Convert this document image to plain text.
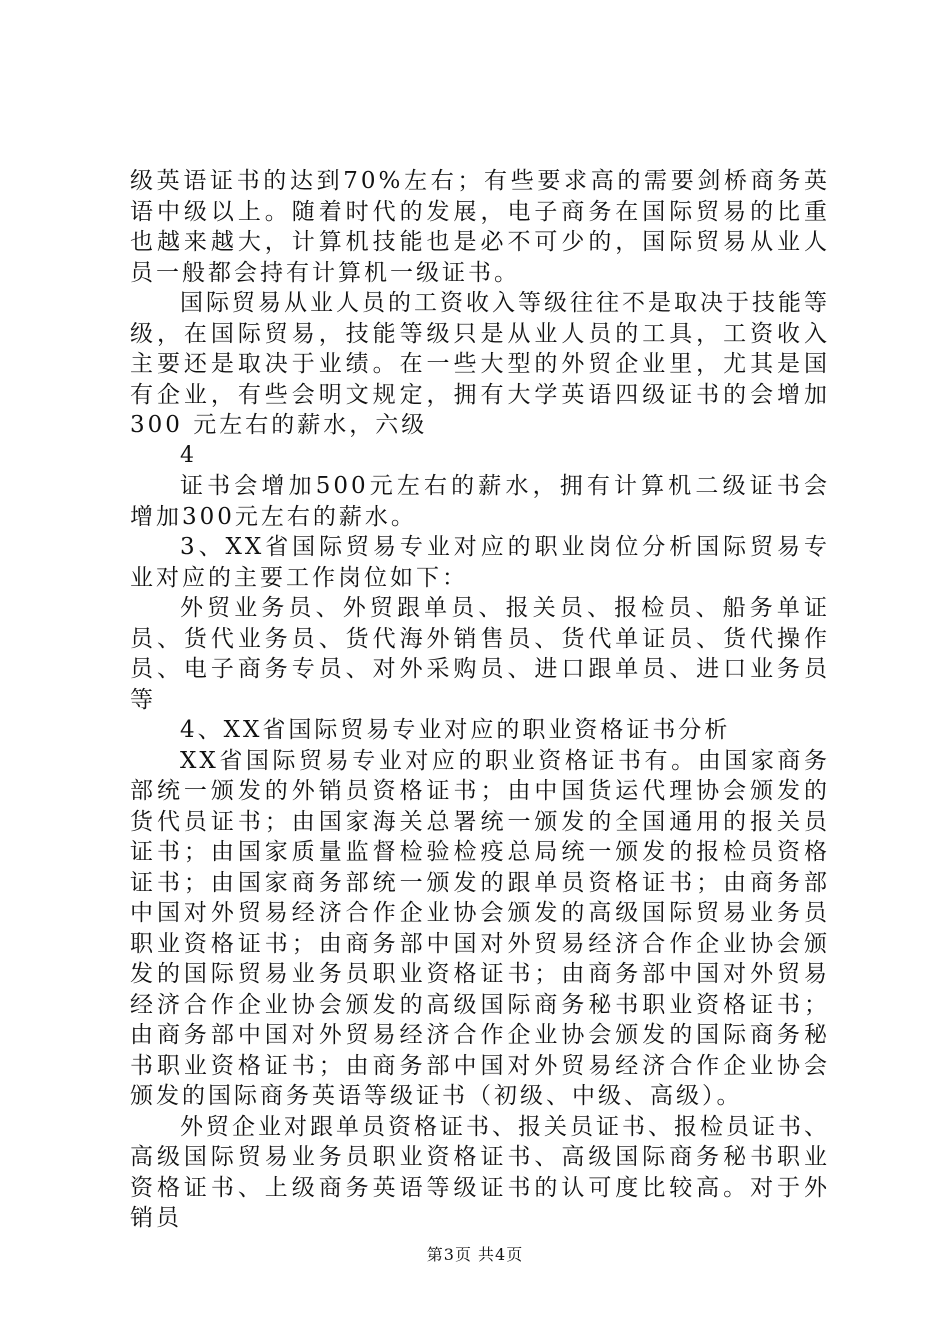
级英语证书的达到70%左右；有些要求高的需要剑桥商务英语中级以上。随着时代的发展，电子商务在国际贸易的比重也越来越大，计算机技能也是必不可少的，国际贸易从业人员一般都会持有计算机一级证书。

国际贸易从业人员的工资收入等级往往不是取决于技能等级，在国际贸易，技能等级只是从业人员的工具，工资收入主要还是取决于业绩。在一些大型的外贸企业里，尤其是国有企业，有些会明文规定，拥有大学英语四级证书的会增加 300 元左右的薪水，六级

4

证书会增加500元左右的薪水，拥有计算机二级证书会增加300元左右的薪水。

3、XX省国际贸易专业对应的职业岗位分析国际贸易专业对应的主要工作岗位如下：

外贸业务员、外贸跟单员、报关员、报检员、船务单证员、货代业务员、货代海外销售员、货代单证员、货代操作员、电子商务专员、对外采购员、进口跟单员、进口业务员等

4、XX省国际贸易专业对应的职业资格证书分析

XX省国际贸易专业对应的职业资格证书有。由国家商务部统一颁发的外销员资格证书；由中国货运代理协会颁发的货代员证书；由国家海关总署统一颁发的全国通用的报关员证书；由国家质量监督检验检疫总局统一颁发的报检员资格证书；由国家商务部统一颁发的跟单员资格证书；由商务部中国对外贸易经济合作企业协会颁发的高级国际贸易业务员职业资格证书；由商务部中国对外贸易经济合作企业协会颁发的国际贸易业务员职业资格证书；由商务部中国对外贸易经济合作企业协会颁发的高级国际商务秘书职业资格证书；由商务部中国对外贸易经济合作企业协会颁发的国际商务秘书职业资格证书；由商务部中国对外贸易经济合作企业协会颁发的国际商务英语等级证书（初级、中级、高级）。

外贸企业对跟单员资格证书、报关员证书、报检员证书、高级国际贸易业务员职业资格证书、高级国际商务秘书职业资格证书、上级商务英语等级证书的认可度比较高。对于外销员

第3页 共4页
